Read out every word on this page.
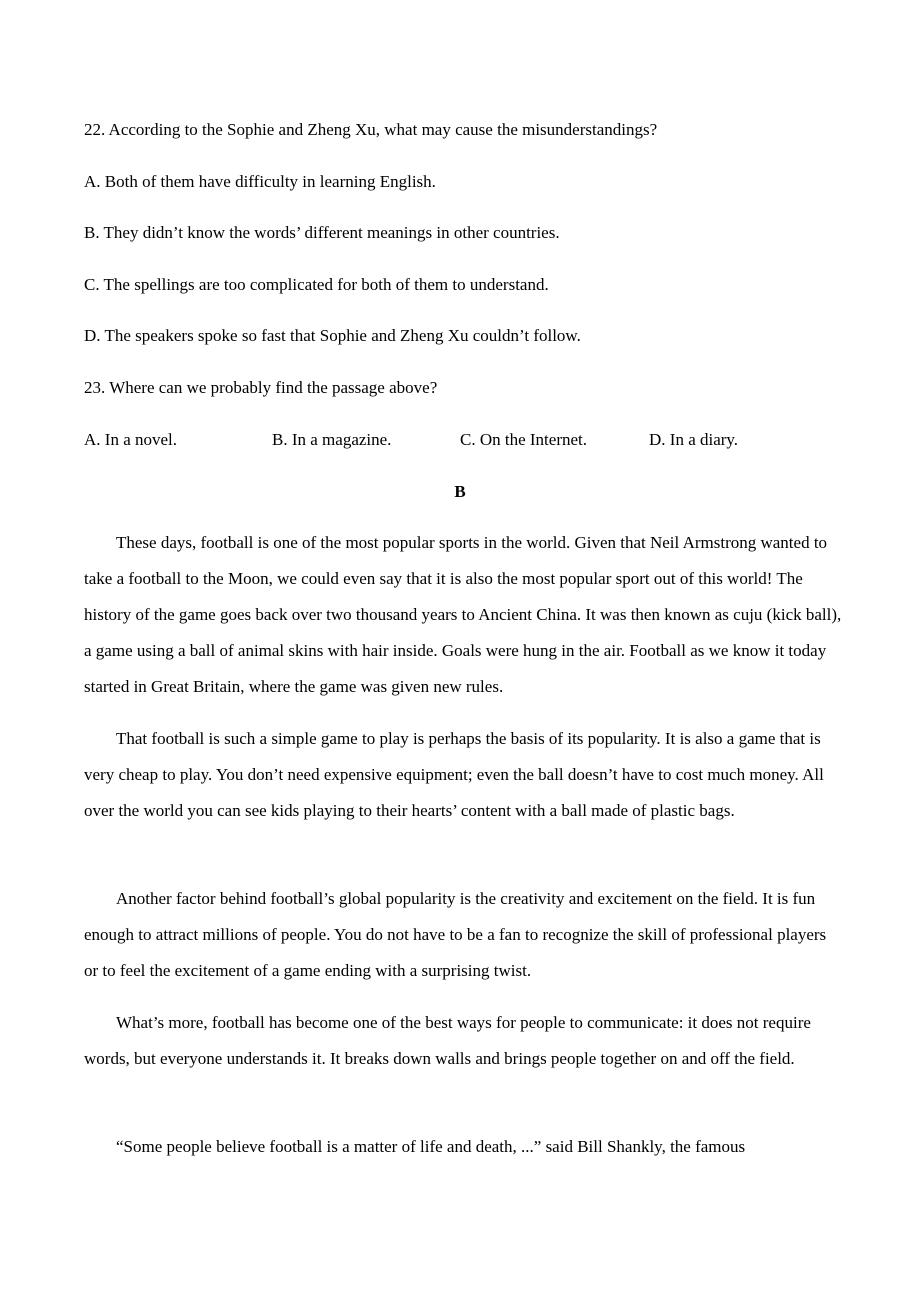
22. According to the Sophie and Zheng Xu, what may cause the misunderstandings?
A. Both of them have difficulty in learning English.
B. They didn’t know the words’ different meanings in other countries.
C. The spellings are too complicated for both of them to understand.
D. The speakers spoke so fast that Sophie and Zheng Xu couldn’t follow.
23. Where can we probably find the passage above?
A. In a novel.	B. In a magazine.	C. On the Internet.	D. In a diary.
B

These days, football is one of the most popular sports in the world. Given that Neil Armstrong wanted to take a football to the Moon, we could even say that it is also the most popular sport out of this world! The history of the game goes back over two thousand years to Ancient China. It was then known as cuju (kick ball), a game using a ball of animal skins with hair inside. Goals were hung in the air. Football as we know it today started in Great Britain, where the game was given new rules.

That football is such a simple game to play is perhaps the basis of its popularity. It is also a game that is very cheap to play. You don’t need expensive equipment; even the ball doesn’t have to cost much money. All over the world you can see kids playing to their hearts’ content with a ball made of plastic bags.

Another factor behind football’s global popularity is the creativity and excitement on the field. It is fun enough to attract millions of people. You do not have to be a fan to recognize the skill of professional players or to feel the excitement of a game ending with a surprising twist.

What’s more, football has become one of the best ways for people to communicate: it does not require words, but everyone understands it. It breaks down walls and brings people together on and off the field.

“Some people believe football is a matter of life and death, ...” said Bill Shankly, the famous
